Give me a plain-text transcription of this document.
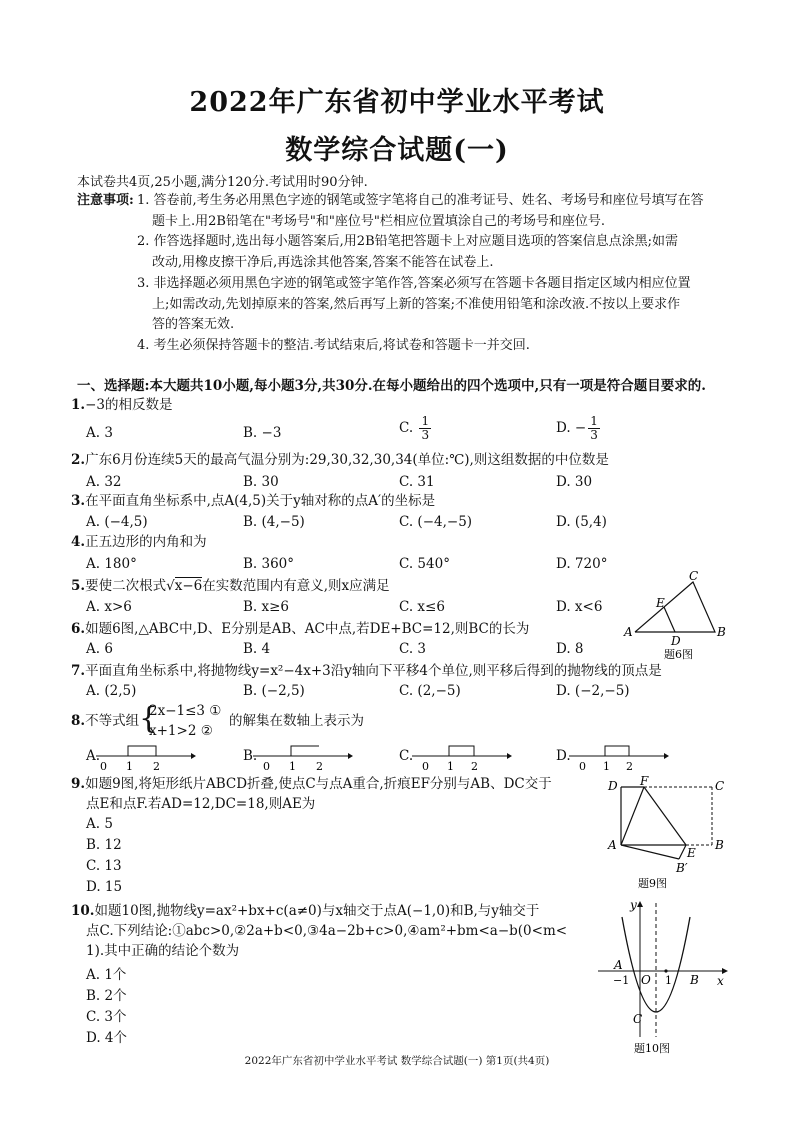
2022年广东省初中学业水平考试
数学综合试题(一)
本试卷共4页,25小题,满分120分.考试用时90分钟.
注意事项: 1. 答卷前,考生务必用黑色字迹的钢笔或签字笔将自己的准考证号、姓名、考场号和座位号填写在答
题卡上.用2B铅笔在"考场号"和"座位号"栏相应位置填涂自己的考场号和座位号.
2. 作答选择题时,选出每小题答案后,用2B铅笔把答题卡上对应题目选项的答案信息点涂黑;如需
改动,用橡皮擦干净后,再选涂其他答案,答案不能答在试卷上.
3. 非选择题必须用黑色字迹的钢笔或签字笔作答,答案必须写在答题卡各题目指定区域内相应位置
上;如需改动,先划掉原来的答案,然后再写上新的答案;不准使用铅笔和涂改液.不按以上要求作
答的答案无效.
4. 考生必须保持答题卡的整洁.考试结束后,将试卷和答题卡一并交回.
一、选择题:本大题共10小题,每小题3分,共30分.在每小题给出的四个选项中,只有一项是符合题目要求的.
1.−3的相反数是
A. 3	B. −3	C. $\frac{1}{3}$	D. − $\frac{1}{3}$
2.广东6月份连续5天的最高气温分别为:29,30,32,30,34(单位:℃),则这组数据的中位数是
A. 32	B. 30	C. 31	D. 30
3.在平面直角坐标系中,点A(4,5)关于y轴对称的点A′的坐标是
A. (−4,5)	B. (4,−5)	C. (−4,−5)	D. (5,4)
4.正五边形的内角和为
A. 180°	B. 360°	C. 540°	D. 720°
5.要使二次根式√x−6在实数范围内有意义,则x应满足
A. x>6	B. x≥6	C. x≤6	D. x<6
6.如题6图,△ABC中,D、E分别是AB、AC中点,若DE+BC=12,则BC的长为
A. 6	B. 4	C. 3	D. 8
A	B
C
D
E
题6图
7.平面直角坐标系中,将抛物线y=x²−4x+3沿y轴向下平移4个单位,则平移后得到的抛物线的顶点是
A. (2,5)	B. (−2,5)	C. (2,−5)	D. (−2,−5)
8.不等式组 {
2x−1≤3 ①
x+1>2 ②
的解集在数轴上表示为
A.
0 1 2
B.
0 1 2
C.
0 1 2
D.
0 1 2
9.如题9图,将矩形纸片ABCD折叠,使点C与点A重合,折痕EF分别与AB、DC交于
点E和点F.若AD=12,DC=18,则AE为
A. 5
B. 12
C. 13
D. 15
D F	C
A
E
B
B′
题9图
10.如题10图,抛物线y=ax²+bx+c(a≠0)与x轴交于点A(−1,0)和B,与y轴交于
点C.下列结论:①abc>0,②2a+b<0,③4a−2b+c>0,④am²+bm<a−b(0<m<
1).其中正确的结论个数为
A. 1个
B. 2个
C. 3个
D. 4个
y
x
A
−1 O 1 B
C
题10图
2022年广东省初中学业水平考试 数学综合试题(一) 第1页(共4页)
